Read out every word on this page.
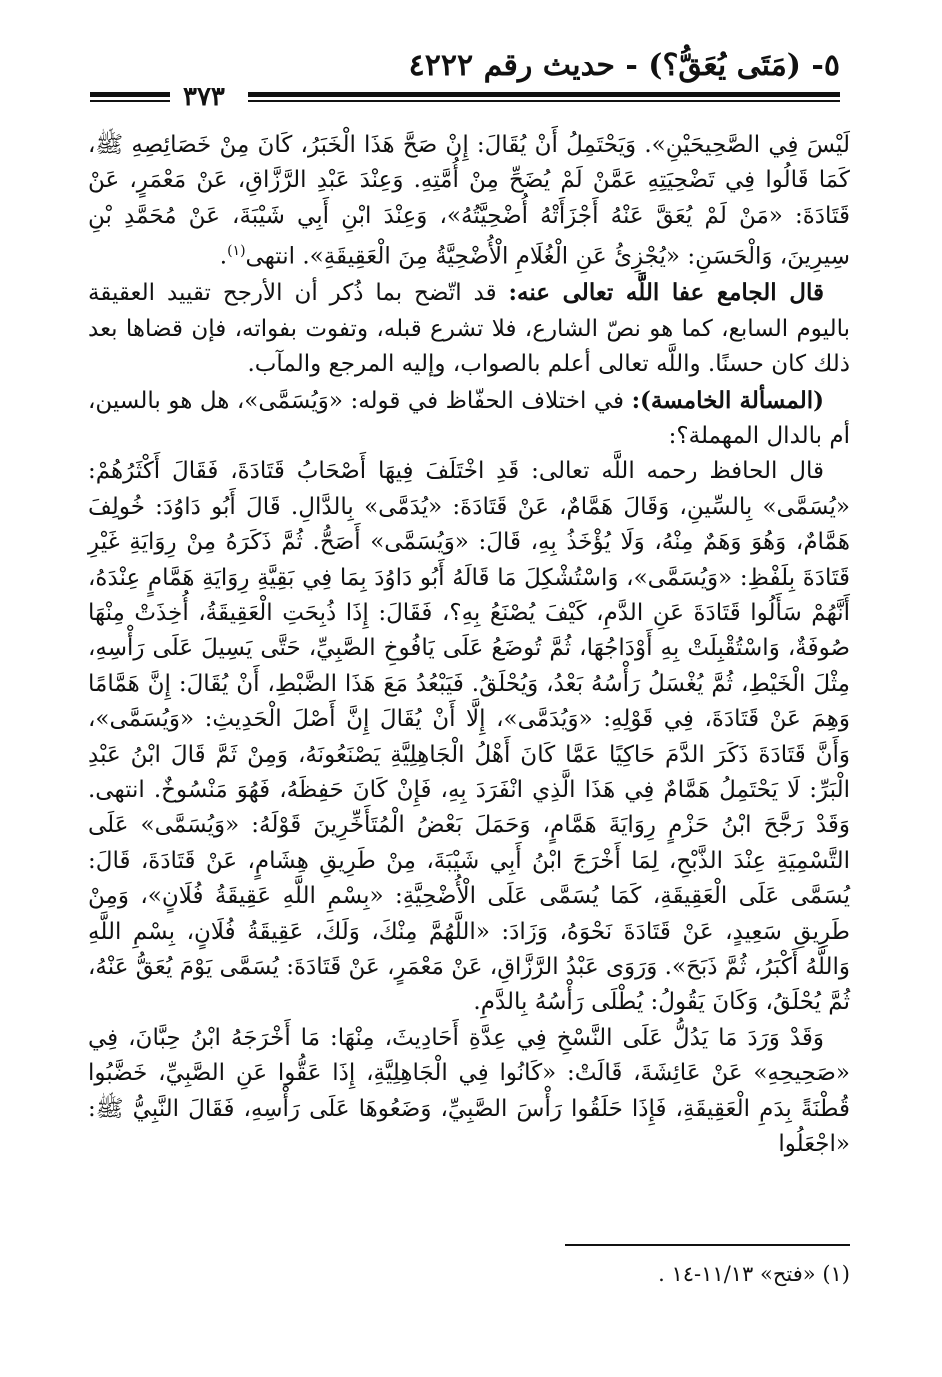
٥- (مَتَى يُعَقُّ؟) - حديث رقم ٤٢٢٢
٣٧٣

لَيْسَ فِي الصَّحِيحَيْنِ». وَيَحْتَمِلُ أَنْ يُقَالَ: إِنْ صَحَّ هَذَا الْخَبَرُ، كَانَ مِنْ خَصَائِصِهِ ﷺ، كَمَا قَالُوا فِي تَضْحِيَتِهِ عَمَّنْ لَمْ يُضَحِّ مِنْ أُمَّتِهِ. وَعِنْدَ عَبْدِ الرَّزَّاقِ، عَنْ مَعْمَرٍ، عَنْ قَتَادَةَ: «مَنْ لَمْ يُعَقَّ عَنْهُ أَجْزَأَتْهُ أُضْحِيَّتُهُ»، وَعِنْدَ ابْنِ أَبِي شَيْبَةَ، عَنْ مُحَمَّدِ بْنِ سِيرِينَ، وَالْحَسَنِ: «يُجْزِئُ عَنِ الْغُلَامِ الْأُضْحِيَّةُ مِنَ الْعَقِيقَةِ». انتهى$^{(١)}$.

قال الجامع عفا اللَّه تعالى عنه: قد اتّضح بما ذُكر أن الأرجح تقييد العقيقة باليوم السابع، كما هو نصّ الشارع، فلا تشرع قبله، وتفوت بفواته، فإن قضاها بعد ذلك كان حسنًا. واللَّه تعالى أعلم بالصواب، وإليه المرجع والمآب.

(المسألة الخامسة): في اختلاف الحفّاظ في قوله: «وَيُسَمَّى»، هل هو بالسين، أم بالدال المهملة؟:

قال الحافظ رحمه اللَّه تعالى: قَدِ اخْتَلَفَ فِيهَا أَصْحَابُ قَتَادَةَ، فَقَالَ أَكْثَرُهُمْ: «يُسَمَّى» بِالسِّينِ، وَقَالَ هَمَّامٌ، عَنْ قَتَادَةَ: «يُدَمَّى» بِالدَّالِ. قَالَ أَبُو دَاوُدَ: خُولِفَ هَمَّامٌ، وَهُوَ وَهَمٌ مِنْهُ، وَلَا يُؤْخَذُ بِهِ، قَالَ: «وَيُسَمَّى» أَصَحُّ. ثُمَّ ذَكَرَهُ مِنْ رِوَايَةِ غَيْرِ قَتَادَةَ بِلَفْظِ: «وَيُسَمَّى»، وَاسْتُشْكِلَ مَا قَالَهُ أَبُو دَاوُدَ بِمَا فِي بَقِيَّةِ رِوَايَةِ هَمَّامٍ عِنْدَهُ، أَنَّهُمْ سَأَلُوا قَتَادَةَ عَنِ الدَّمِ، كَيْفَ يُصْنَعُ بِهِ؟، فَقَالَ: إِذَا ذُبِحَتِ الْعَقِيقَةُ، أُخِذَتْ مِنْهَا صُوفَةٌ، وَاسْتُقْبِلَتْ بِهِ أَوْدَاجُهَا، ثُمَّ تُوضَعُ عَلَى يَافُوخِ الصَّبِيِّ، حَتَّى يَسِيلَ عَلَى رَأْسِهِ، مِثْلَ الْخَيْطِ، ثُمَّ يُغْسَلُ رَأْسُهُ بَعْدُ، وَيُحْلَقُ. فَيَبْعُدُ مَعَ هَذَا الضَّبْطِ، أَنْ يُقَالَ: إِنَّ هَمَّامًا وَهِمَ عَنْ قَتَادَةَ، فِي قَوْلِهِ: «وَيُدَمَّى»، إِلَّا أَنْ يُقَالَ إِنَّ أَصْلَ الْحَدِيثِ: «وَيُسَمَّى»، وَأَنَّ قَتَادَةَ ذَكَرَ الدَّمَ حَاكِيًا عَمَّا كَانَ أَهْلُ الْجَاهِلِيَّةِ يَصْنَعُونَهُ، وَمِنْ ثَمَّ قَالَ ابْنُ عَبْدِ الْبَرِّ: لَا يَحْتَمِلُ هَمَّامٌ فِي هَذَا الَّذِي انْفَرَدَ بِهِ، فَإِنْ كَانَ حَفِظَهُ، فَهُوَ مَنْسُوخٌ. انتهى. وَقَدْ رَجَّحَ ابْنُ حَزْمٍ رِوَايَةَ هَمَّامٍ، وَحَمَلَ بَعْضُ الْمُتَأَخِّرِينَ قَوْلَهُ: «وَيُسَمَّى» عَلَى التَّسْمِيَةِ عِنْدَ الذَّبْحِ، لِمَا أَخْرَجَ ابْنُ أَبِي شَيْبَةَ، مِنْ طَرِيقِ هِشَامٍ، عَنْ قَتَادَةَ، قَالَ: يُسَمَّى عَلَى الْعَقِيقَةِ، كَمَا يُسَمَّى عَلَى الْأُضْحِيَّةِ: «بِسْمِ اللَّهِ عَقِيقَةُ فُلَانٍ»، وَمِنْ طَرِيقِ سَعِيدٍ، عَنْ قَتَادَةَ نَحْوَهُ، وَزَادَ: «اللَّهُمَّ مِنْكَ، وَلَكَ، عَقِيقَةُ فُلَانٍ، بِسْمِ اللَّهِ وَاللَّهُ أَكْبَرُ، ثُمَّ ذَبَحَ». وَرَوَى عَبْدُ الرَّزَّاقِ، عَنْ مَعْمَرٍ، عَنْ قَتَادَةَ: يُسَمَّى يَوْمَ يُعَقُّ عَنْهُ، ثُمَّ يُحْلَقُ، وَكَانَ يَقُولُ: يُطْلَى رَأْسُهُ بِالدَّمِ.

وَقَدْ وَرَدَ مَا يَدُلُّ عَلَى النَّسْخِ فِي عِدَّةِ أَحَادِيثَ، مِنْهَا: مَا أَخْرَجَهُ ابْنُ حِبَّانَ، فِي «صَحِيحِهِ» عَنْ عَائِشَةَ، قَالَتْ: «كَانُوا فِي الْجَاهِلِيَّةِ، إِذَا عَقُّوا عَنِ الصَّبِيِّ، خَضَّبُوا قُطْنَةً بِدَمِ الْعَقِيقَةِ، فَإِذَا حَلَقُوا رَأْسَ الصَّبِيِّ، وَضَعُوهَا عَلَى رَأْسِهِ، فَقَالَ النَّبِيُّ ﷺ: «اجْعَلُوا

(١) «فتح» ١١/١٣-١٤ .
